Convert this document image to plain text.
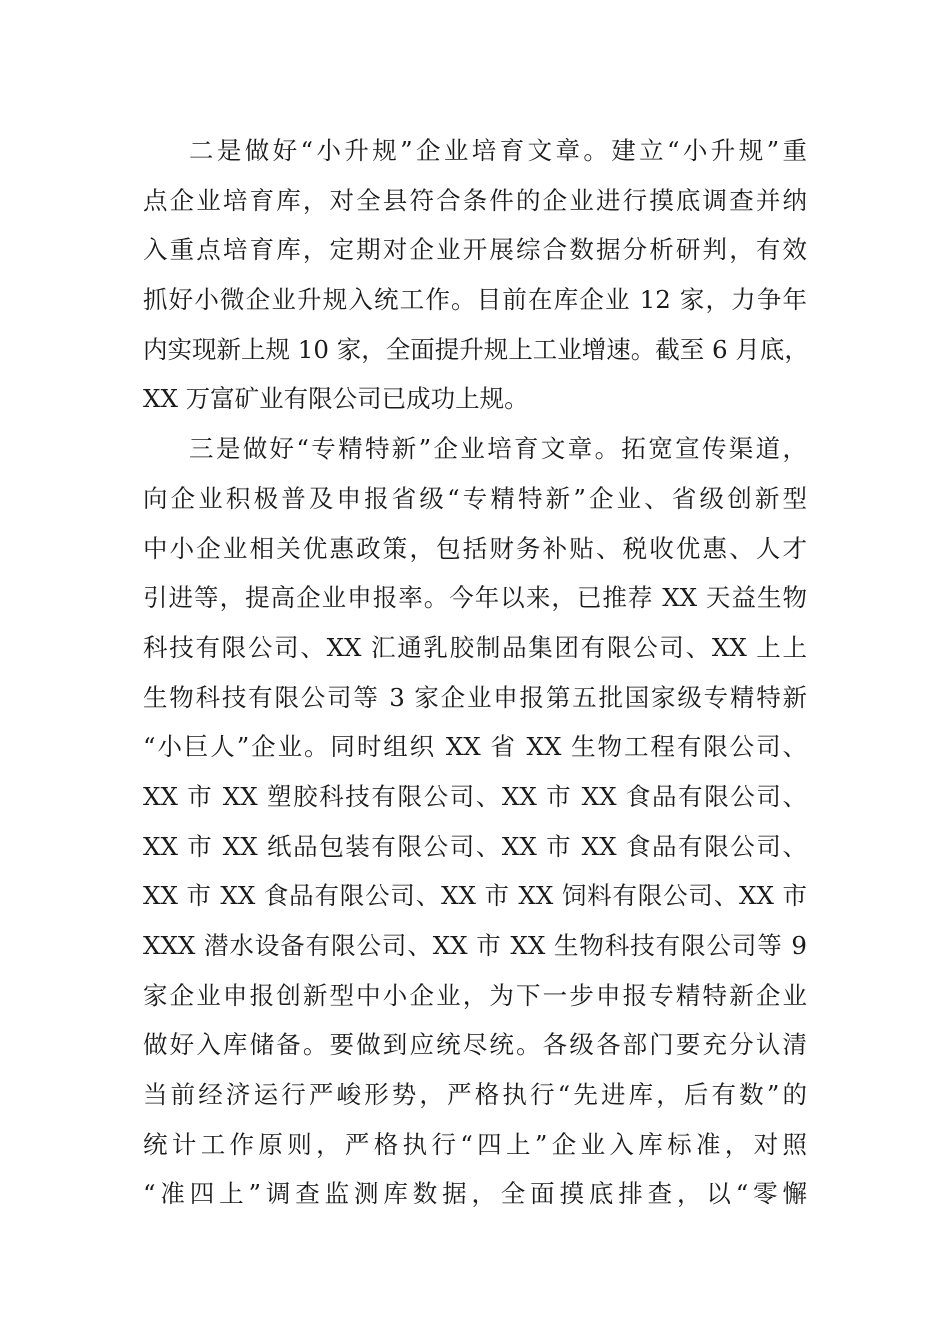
二是做好“小升规”企业培育文章。建立“小升规”重
点企业培育库，对全县符合条件的企业进行摸底调查并纳
入重点培育库，定期对企业开展综合数据分析研判，有效
抓好小微企业升规入统工作。目前在库企业 12 家，力争年
内实现新上规 10 家，全面提升规上工业增速。截至 6 月底，
XX 万富矿业有限公司已成功上规。
三是做好“专精特新”企业培育文章。拓宽宣传渠道，
向企业积极普及申报省级“专精特新”企业、省级创新型
中小企业相关优惠政策，包括财务补贴、税收优惠、人才
引进等，提高企业申报率。今年以来，已推荐 XX 天益生物
科技有限公司、XX 汇通乳胶制品集团有限公司、XX 上上
生物科技有限公司等 3 家企业申报第五批国家级专精特新
“小巨人”企业。同时组织 XX 省 XX 生物工程有限公司、
XX 市 XX 塑胶科技有限公司、XX 市 XX 食品有限公司、
XX 市 XX 纸品包装有限公司、XX 市 XX 食品有限公司、
XX 市 XX 食品有限公司、XX 市 XX 饲料有限公司、XX 市
XXX 潜水设备有限公司、XX 市 XX 生物科技有限公司等 9
家企业申报创新型中小企业，为下一步申报专精特新企业
做好入库储备。要做到应统尽统。各级各部门要充分认清
当前经济运行严峻形势，严格执行“先进库，后有数”的
统计工作原则，严格执行“四上”企业入库标准，对照
“准四上”调查监测库数据，全面摸底排查，以“零懈
